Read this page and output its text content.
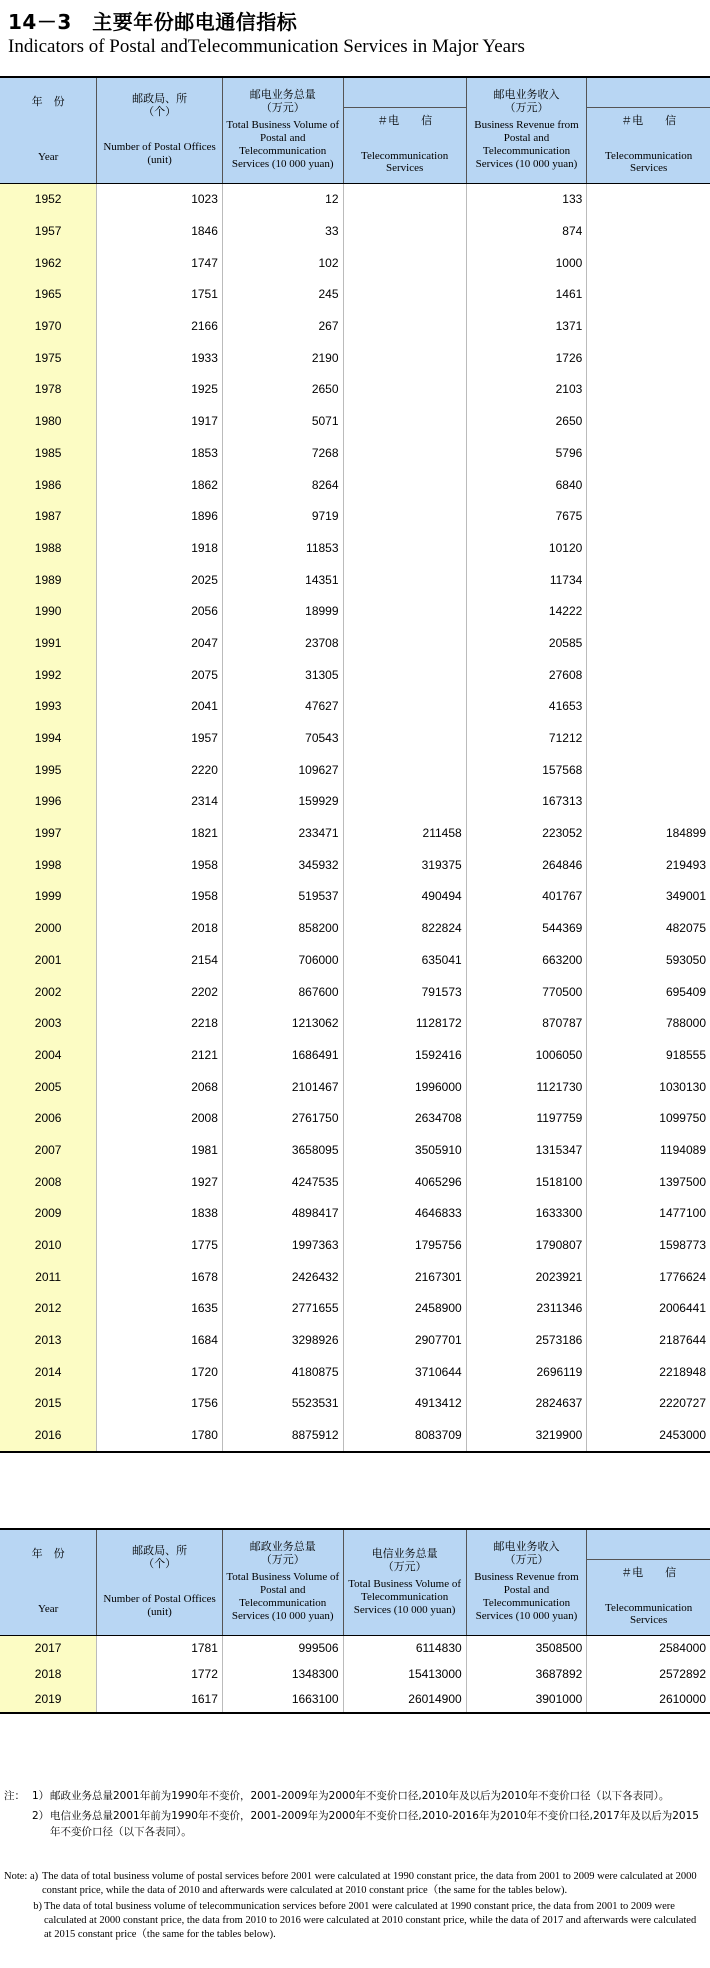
14－3　主要年份邮电通信指标
Indicators of Postal andTelecommunication Services in Major Years
年　份
Year	邮政局、所
（个）
Number of Postal Offices (unit)	邮电业务总量
（万元）
Total Business Volume of Postal and Telecommunication Services (10 000 yuan)		邮电业务收入
（万元）
Business Revenue from Postal and Telecommunication Services (10 000 yuan)	

			＃电　　信
Telecommunication Services		＃电　　信
Telecommunication Services

1952	1023	12		133	
1957	1846	33		874	
1962	1747	102		1000	
1965	1751	245		1461	
1970	2166	267		1371	
1975	1933	2190		1726	
1978	1925	2650		2103	
1980	1917	5071		2650	
1985	1853	7268		5796	
1986	1862	8264		6840	
1987	1896	9719		7675	
1988	1918	11853		10120	
1989	2025	14351		11734	
1990	2056	18999		14222	
1991	2047	23708		20585	
1992	2075	31305		27608	
1993	2041	47627		41653	
1994	1957	70543		71212	
1995	2220	109627		157568	
1996	2314	159929		167313	
1997	1821	233471	211458	223052	184899
1998	1958	345932	319375	264846	219493
1999	1958	519537	490494	401767	349001
2000	2018	858200	822824	544369	482075
2001	2154	706000	635041	663200	593050
2002	2202	867600	791573	770500	695409
2003	2218	1213062	1128172	870787	788000
2004	2121	1686491	1592416	1006050	918555
2005	2068	2101467	1996000	1121730	1030130
2006	2008	2761750	2634708	1197759	1099750
2007	1981	3658095	3505910	1315347	1194089
2008	1927	4247535	4065296	1518100	1397500
2009	1838	4898417	4646833	1633300	1477100
2010	1775	1997363	1795756	1790807	1598773
2011	1678	2426432	2167301	2023921	1776624
2012	1635	2771655	2458900	2311346	2006441
2013	1684	3298926	2907701	2573186	2187644
2014	1720	4180875	3710644	2696119	2218948
2015	1756	5523531	4913412	2824637	2220727
2016	1780	8875912	8083709	3219900	2453000
年　份
Year	邮政局、所
（个）
Number of Postal Offices (unit)	邮政业务总量
（万元）
Total Business Volume of Postal and Telecommunication Services (10 000 yuan)	电信业务总量
（万元）
Total Business Volume of Telecommunication Services (10 000 yuan)	邮电业务收入
（万元）
Business Revenue from Postal and Telecommunication Services (10 000 yuan)	

					＃电　　信
Telecommunication Services

2017	1781	999506	6114830	3508500	2584000
2018	1772	1348300	15413000	3687892	2572892
2019	1617	1663100	26014900	3901000	2610000
注： 1） 邮政业务总量2001年前为1990年不变价，2001-2009年为2000年不变价口径,2010年及以后为2010年不变价口径（以下各表同）。
2） 电信业务总量2001年前为1990年不变价，2001-2009年为2000年不变价口径,2010-2016年为2010年不变价口径,2017年及以后为2015年不变价口径（以下各表同）。
Note: a) The data of total business volume of postal services before 2001 were calculated at 1990 constant price, the data from 2001 to 2009 were calculated at 2000 constant price, while the data of 2010 and afterwards were calculated at 2010 constant price（the same for the tables below).
b) The data of total business volume of telecommunication services before 2001 were calculated at 1990 constant price, the data from 2001 to 2009 were calculated at 2000 constant price, the data from 2010 to 2016 were calculated at 2010 constant price, while the data of 2017 and afterwards were calculated at 2015 constant price（the same for the tables below).
